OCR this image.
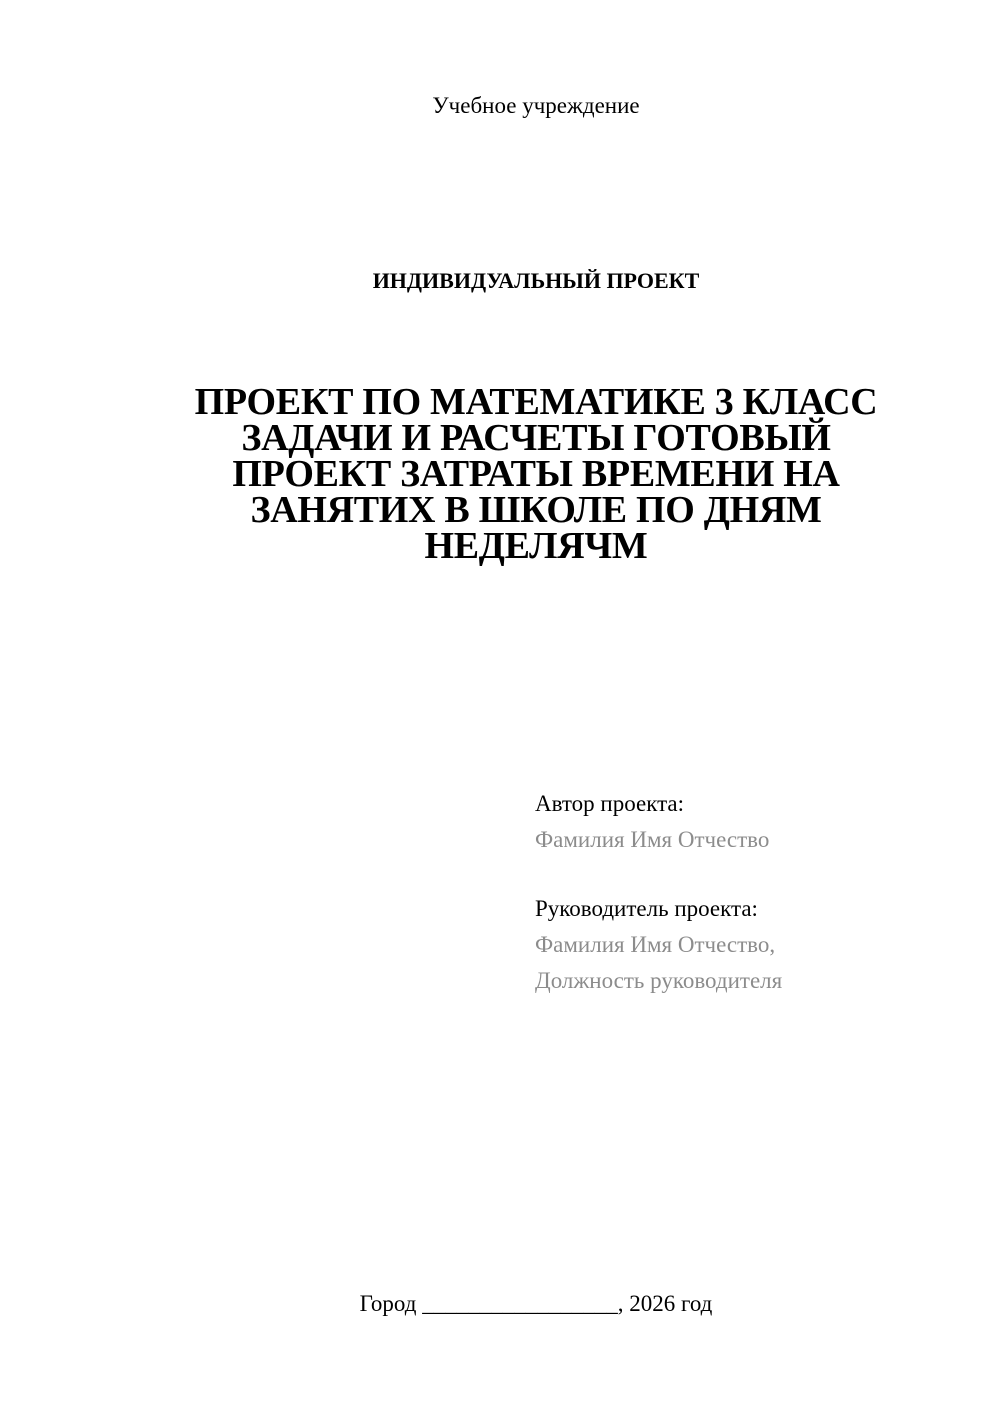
Учебное учреждение
ИНДИВИДУАЛЬНЫЙ ПРОЕКТ
ПРОЕКТ ПО МАТЕМАТИКЕ 3 КЛАСС
ЗАДАЧИ И РАСЧЕТЫ ГОТОВЫЙ
ПРОЕКТ ЗАТРАТЫ ВРЕМЕНИ НА
ЗАНЯТИХ В ШКОЛЕ ПО ДНЯМ
НЕДЕЛЯЧМ
Автор проекта:
Фамилия Имя Отчество
Руководитель проекта:
Фамилия Имя Отчество,
Должность руководителя
Город _________________, 2026 год
